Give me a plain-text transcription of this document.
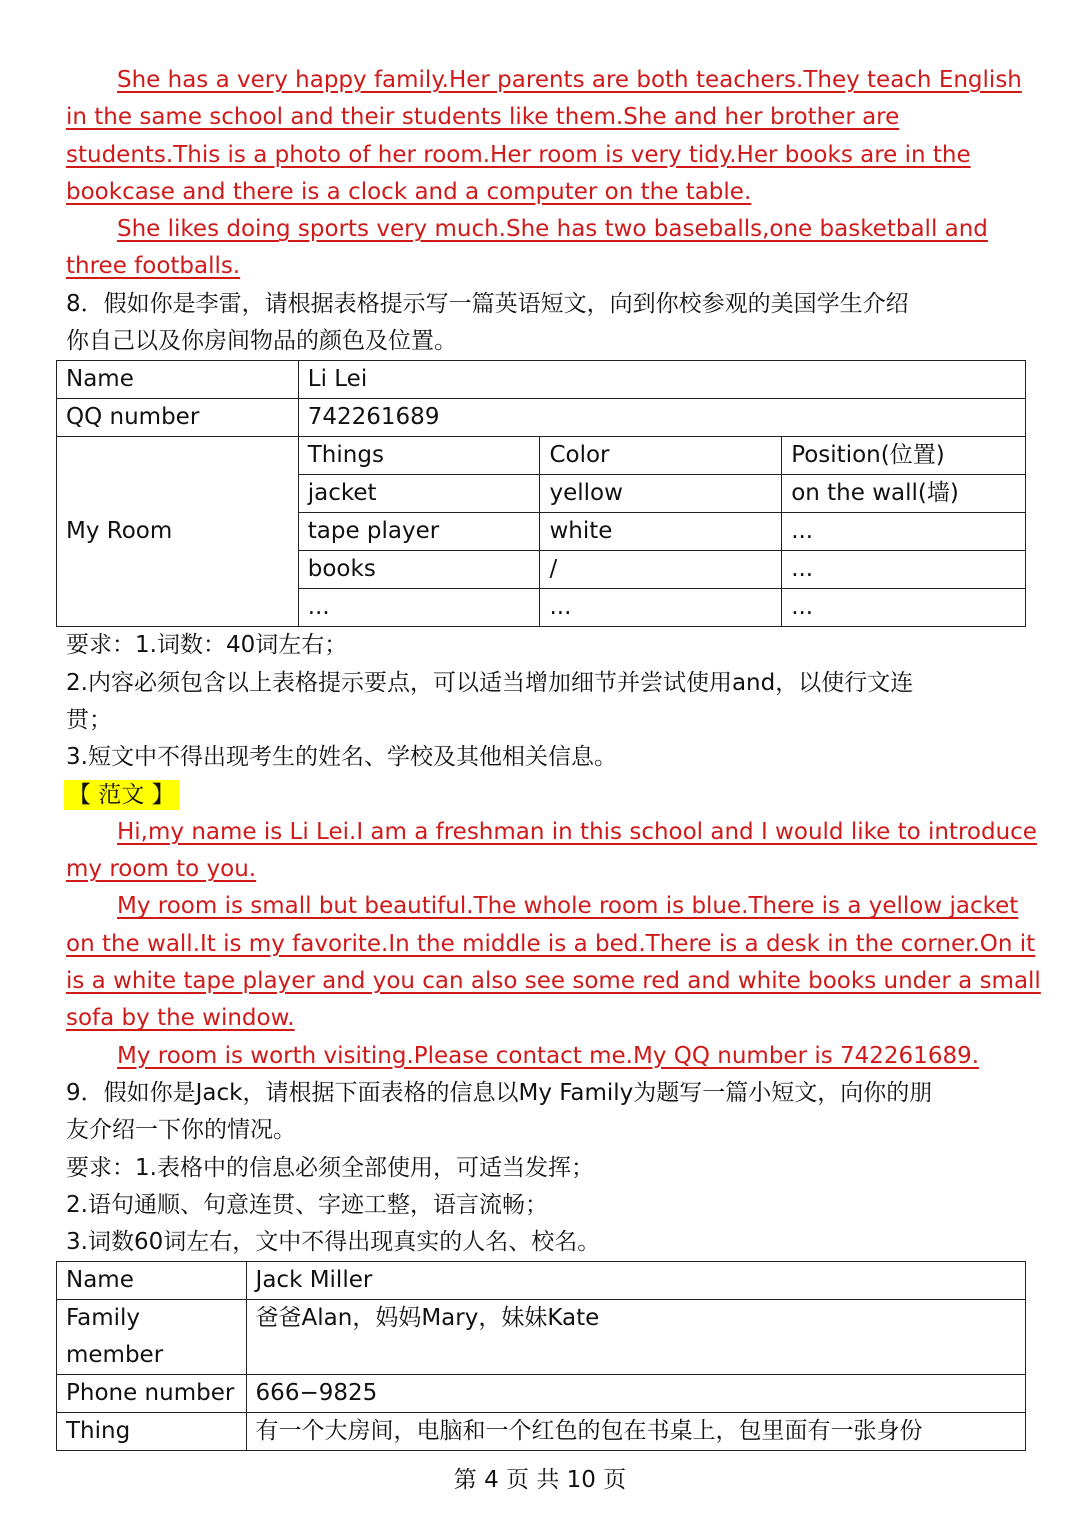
She has a very happy family.Her parents are both teachers.They teach English
in the same school and their students like them.She and her brother are
students.This is a photo of her room.Her room is very tidy.Her books are in the
bookcase and there is a clock and a computer on the table.
She likes doing sports very much.She has two baseballs,one basketball and
three footballs.
8．假如你是李雷，请根据表格提示写一篇英语短文，向到你校参观的美国学生介绍
你自己以及你房间物品的颜色及位置。
Name	Li Lei		
QQ number	742261689		
My Room	Things	Color	Position(位置)
	jacket	yellow	on the wall(墙)
	tape player	white	...
	books	/	...
	...	...	...
要求：1.词数：40词左右；
2.内容必须包含以上表格提示要点，可以适当增加细节并尝试使用and，以使行文连
贯；
3.短文中不得出现考生的姓名、学校及其他相关信息。
【 范文 】
Hi,my name is Li Lei.I am a freshman in this school and I would like to introduce
my room to you.
My room is small but beautiful.The whole room is blue.There is a yellow jacket
on the wall.It is my favorite.In the middle is a bed.There is a desk in the corner.On it
is a white tape player and you can also see some red and white books under a small
sofa by the window.
My room is worth visiting.Please contact me.My QQ number is 742261689.
9．假如你是Jack，请根据下面表格的信息以My Family为题写一篇小短文，向你的朋
友介绍一下你的情况。
要求：1.表格中的信息必须全部使用，可适当发挥；
2.语句通顺、句意连贯、字迹工整，语言流畅；
3.词数60词左右，文中不得出现真实的人名、校名。
Name	Jack Miller
Family member	爸爸Alan，妈妈Mary，妹妹Kate
Phone number	666−9825
Thing	有一个大房间，电脑和一个红色的包在书桌上，包里面有一张身份
第 4 页 共 10 页
